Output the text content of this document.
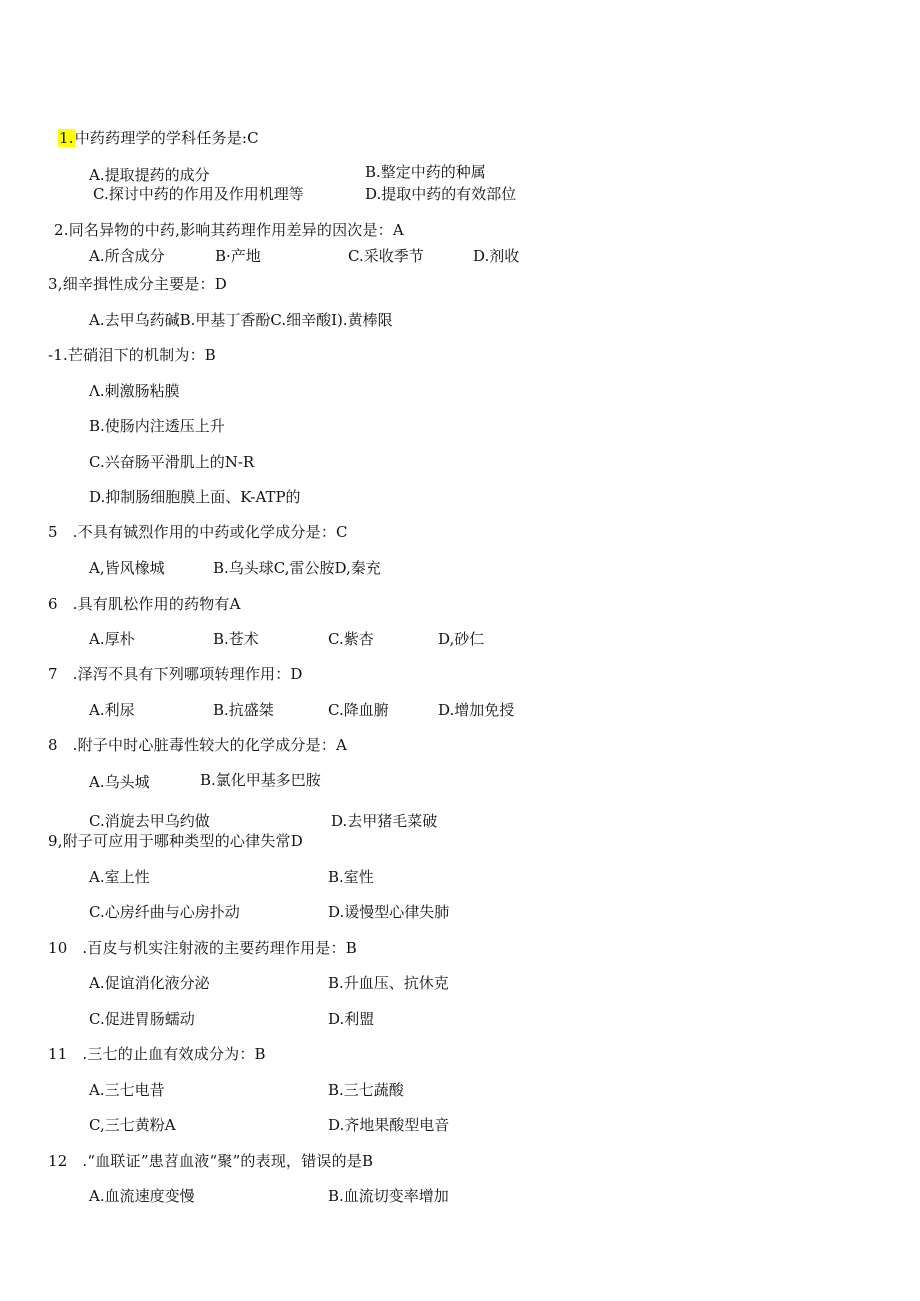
1.中药药理学的学科任务是:C
A.提取提药的成分	B.整定中药的种属
C.探讨中药的作用及作用机理等	D.提取中药的有效部位
2.同名异物的中药,影响其药理作用差异的因次是：A
A.所含成分	B·产地	C.采收季节	D.剂收
3,细辛揖性成分主要是：D
A.去甲乌药碱B.甲基丁香酚C.细辛酸I).黄棒限
-1.芒硝泪下的机制为：B
Λ.刺激肠粘膜
B.使肠内注透压上升
C.兴奋肠平滑肌上的N-R
D.抑制肠细胞膜上面、K-ATP的
5   .不具有铖烈作用的中药或化学成分是：C
A,皆风橡城	B.乌头球C,雷公胺D,秦充
6   .具有肌松作用的药物有A
A.厚朴	B.苍术	C.紫杏	D,砂仁
7   .泽泻不具有下列哪项转理作用：D
A.利尿	B.抗盛桀	C.降血腑	D.增加免授
8   .附子中时心脏毒性较大的化学成分是：A
A.乌头城	B.氯化甲基多巴胺
C.消旋去甲乌约做	D.去甲猪毛菜破
9,附子可应用于哪种类型的心律失常D
A.室上性	B.室性
C.心房纤曲与心房扑动	D.谖慢型心律失肺
10   .百皮与机实注射液的主要药理作用是：B
A.促谊消化液分泌	B.升血压、抗休克
C.促进胃肠蠕动	D.利盟
11   .三七的止血有效成分为：B
A.三七电昔	B.三七蔬酸
C,三七黄粉A	D.齐地果酸型电音
12   .“血联证”患苕血液“聚”的表现，错误的是B
A.血流速度变慢	B.血流切变率增加
